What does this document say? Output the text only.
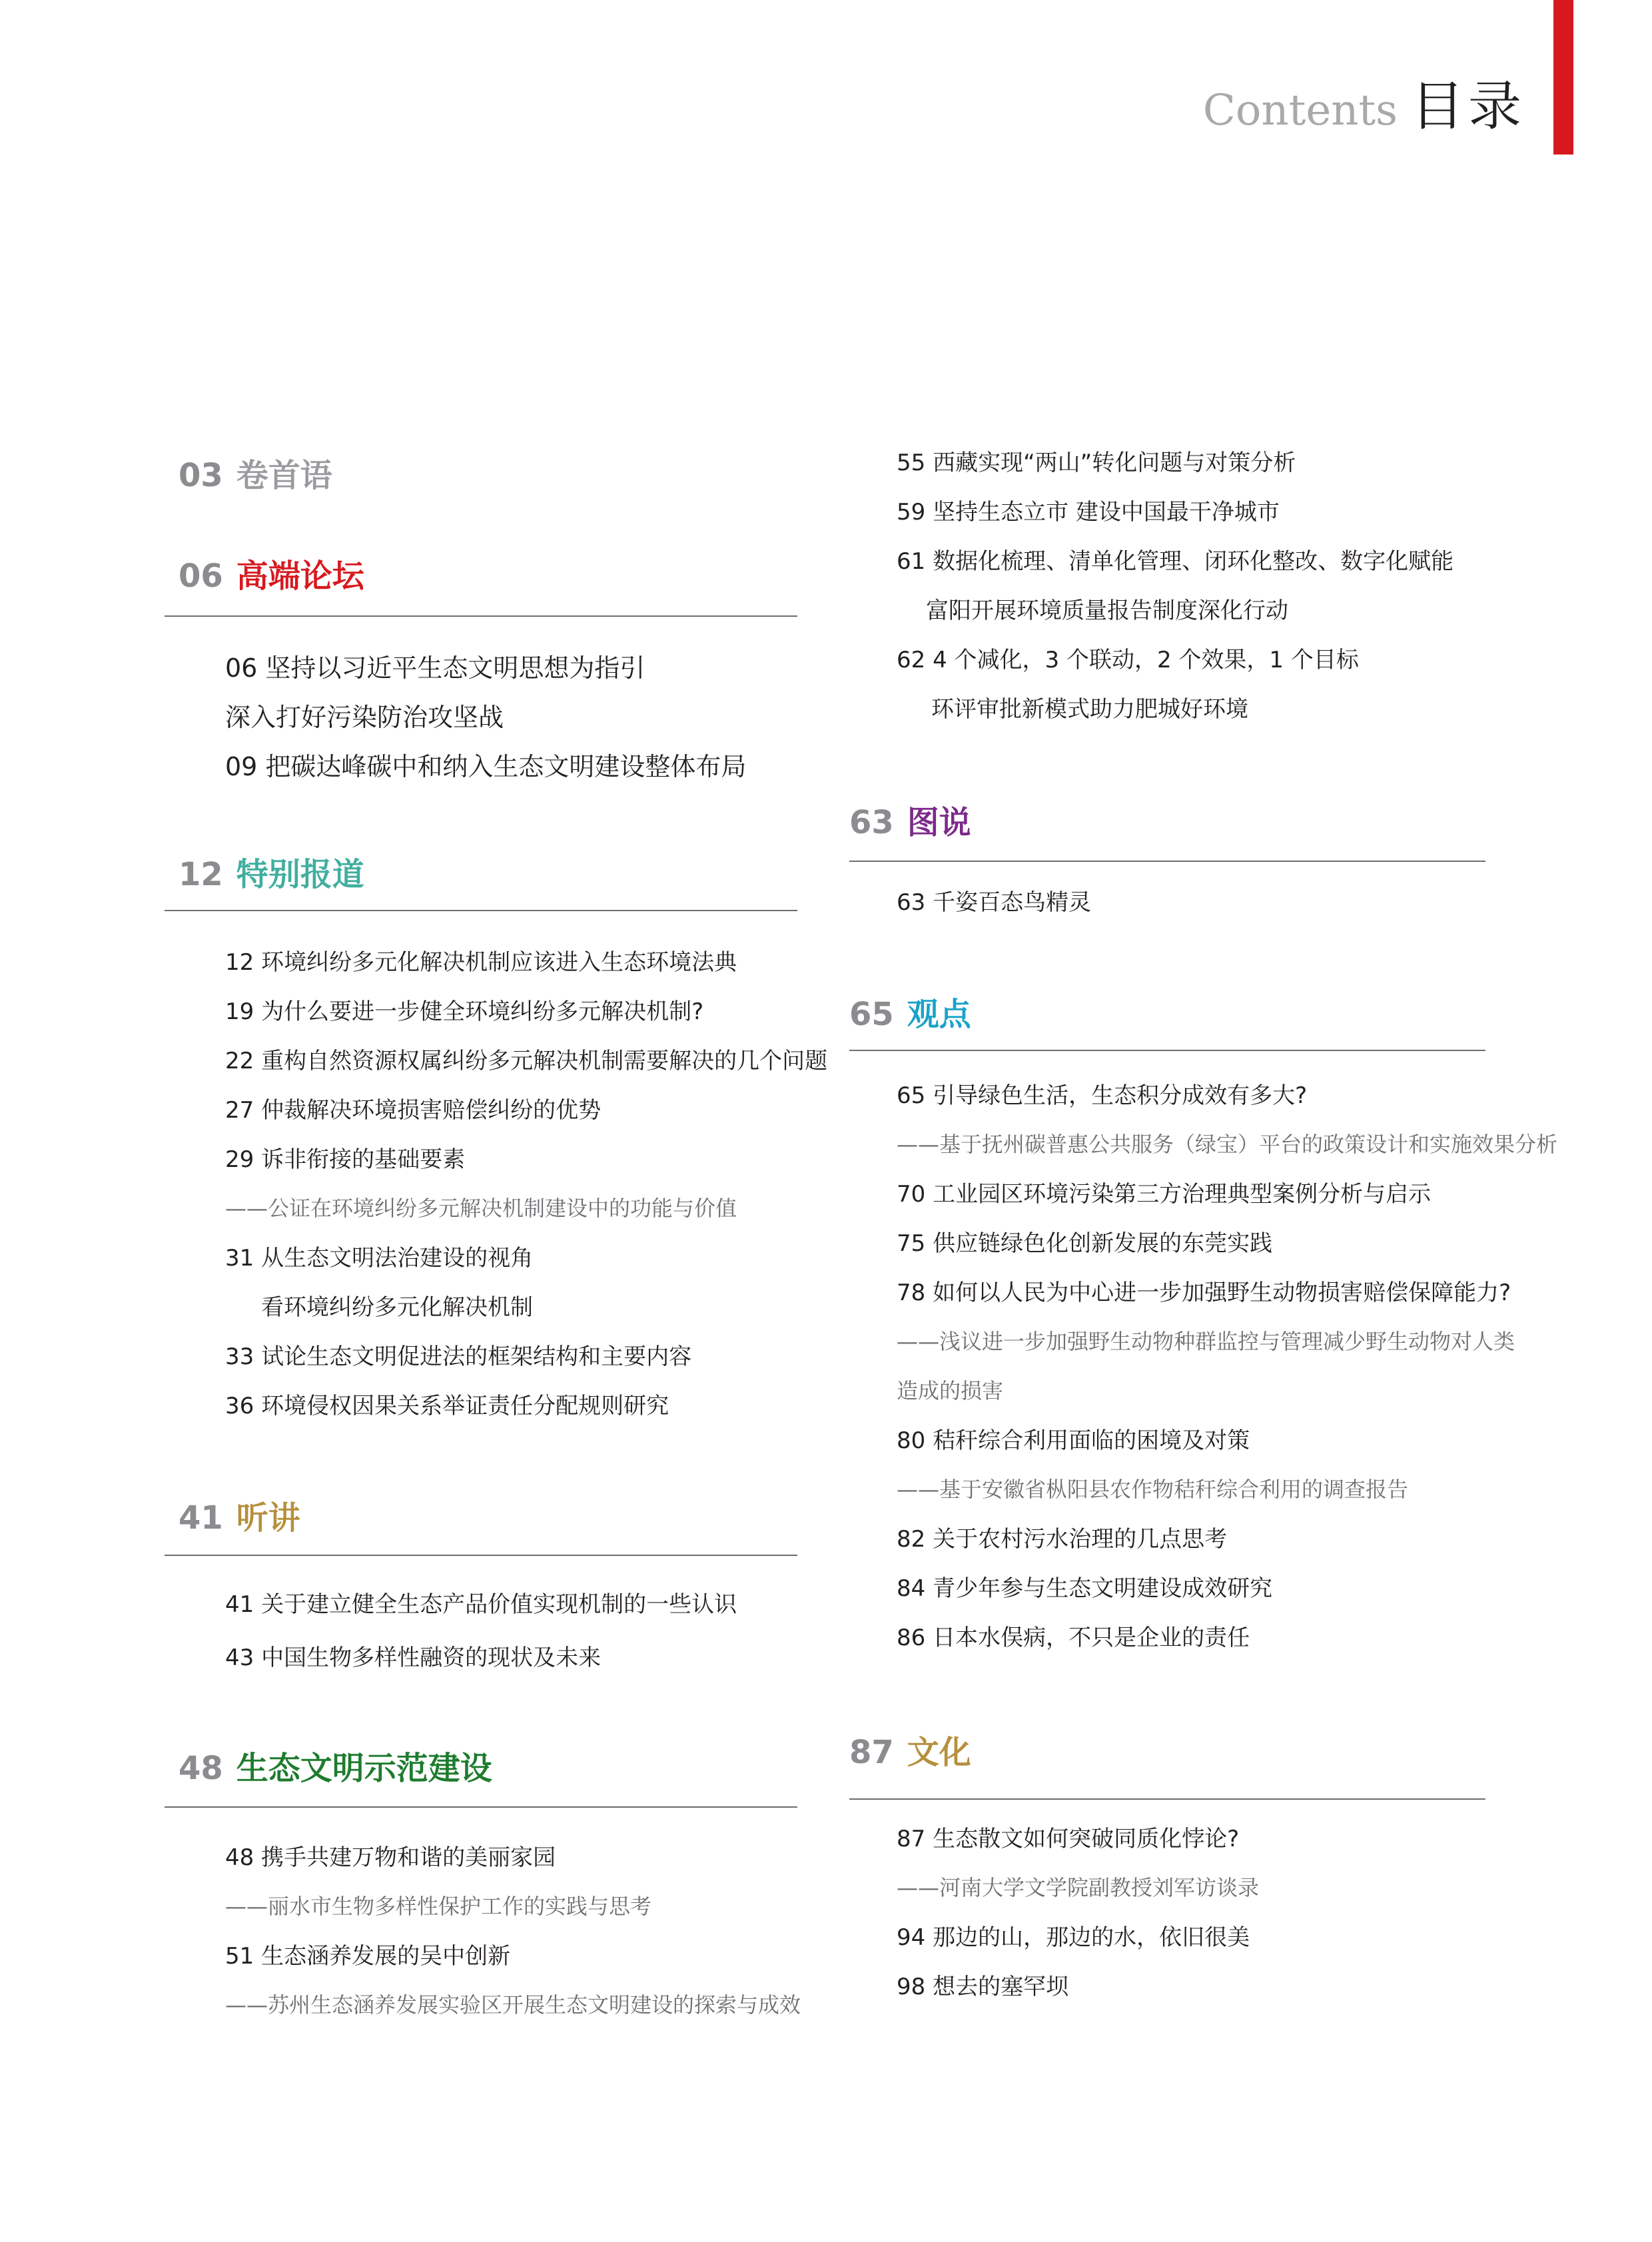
Contents 目录
03 卷首语
06 高端论坛
06 坚持以习近平生态文明思想为指引
深入打好污染防治攻坚战
09 把碳达峰碳中和纳入生态文明建设整体布局
12 特别报道
12 环境纠纷多元化解决机制应该进入生态环境法典
19 为什么要进一步健全环境纠纷多元解决机制?
22 重构自然资源权属纠纷多元解决机制需要解决的几个问题
27 仲裁解决环境损害赔偿纠纷的优势
29 诉非衔接的基础要素
——公证在环境纠纷多元解决机制建设中的功能与价值
31 从生态文明法治建设的视角
看环境纠纷多元化解决机制
33 试论生态文明促进法的框架结构和主要内容
36 环境侵权因果关系举证责任分配规则研究
41 听讲
41 关于建立健全生态产品价值实现机制的一些认识
43 中国生物多样性融资的现状及未来
48 生态文明示范建设
48 携手共建万物和谐的美丽家园
——丽水市生物多样性保护工作的实践与思考
51 生态涵养发展的吴中创新
——苏州生态涵养发展实验区开展生态文明建设的探索与成效
55 西藏实现“两山”转化问题与对策分析
59 坚持生态立市 建设中国最干净城市
61 数据化梳理、清单化管理、闭环化整改、数字化赋能
富阳开展环境质量报告制度深化行动
62 4 个减化，3 个联动，2 个效果，1 个目标
环评审批新模式助力肥城好环境
63 图说
63 千姿百态鸟精灵
65 观点
65 引导绿色生活，生态积分成效有多大?
——基于抚州碳普惠公共服务（绿宝）平台的政策设计和实施效果分析
70 工业园区环境污染第三方治理典型案例分析与启示
75 供应链绿色化创新发展的东莞实践
78 如何以人民为中心进一步加强野生动物损害赔偿保障能力?
——浅议进一步加强野生动物种群监控与管理减少野生动物对人类
造成的损害
80 秸秆综合利用面临的困境及对策
——基于安徽省枞阳县农作物秸秆综合利用的调查报告
82 关于农村污水治理的几点思考
84 青少年参与生态文明建设成效研究
86 日本水俣病，不只是企业的责任
87 文化
87 生态散文如何突破同质化悖论?
——河南大学文学院副教授刘军访谈录
94 那边的山，那边的水，依旧很美
98 想去的塞罕坝
